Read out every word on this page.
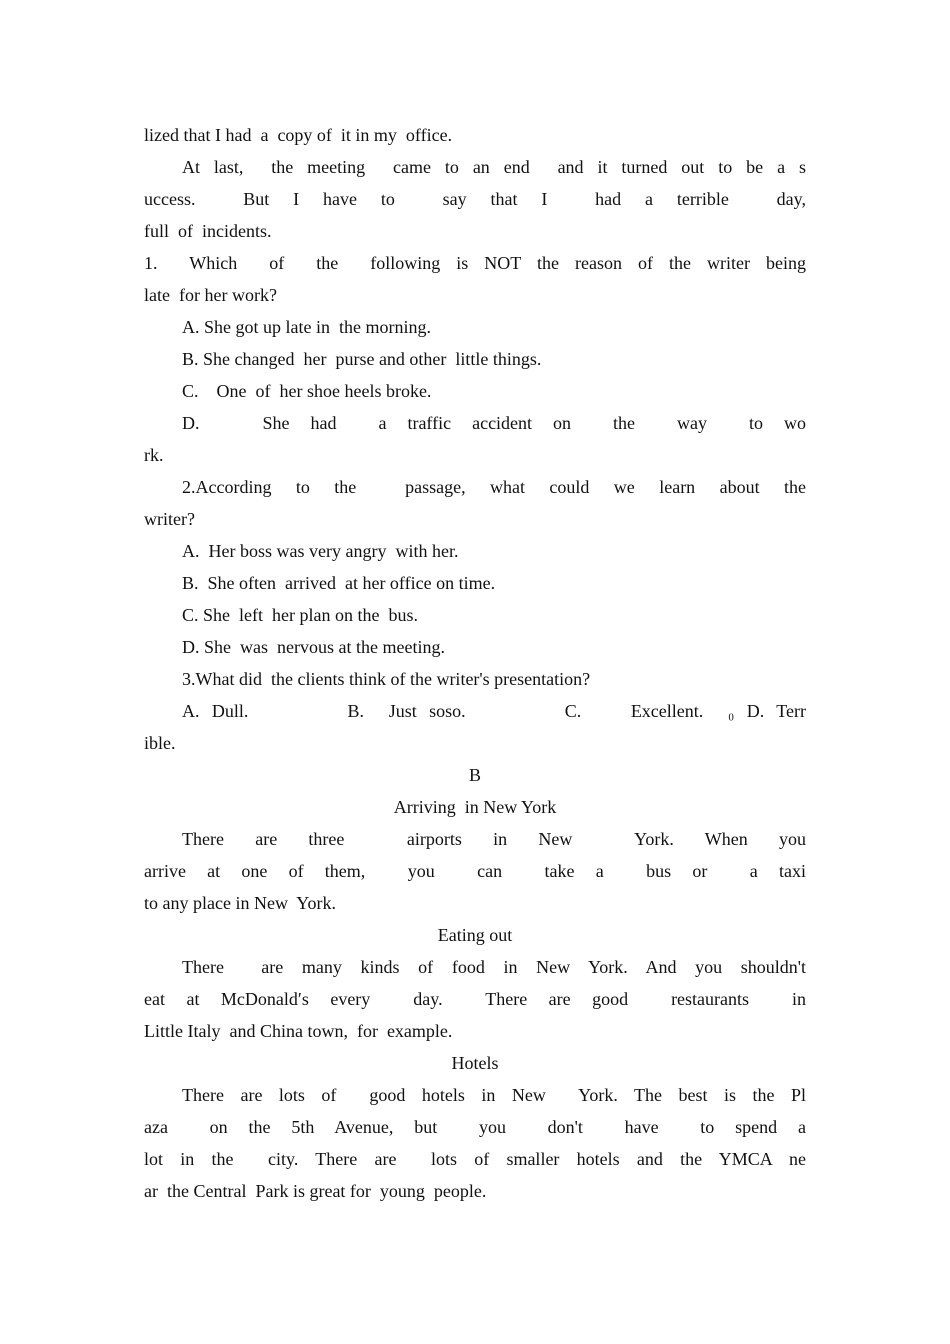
lized that I had  a  copy of  it in my  office.
At last,  the meeting  came to an end  and it turned out to be a s
uccess.  But I have to  say that I  had a terrible  day,
full  of  incidents.
1.  Which  of  the  following is NOT the reason of the writer being
late  for her work?
A. She got up late in  the morning.
B. She changed  her  purse and other  little things.
C.    One  of  her shoe heels broke.
D.   She had  a traffic accident on  the  way  to wo
rk.
2.According to the  passage, what could we learn about the
writer?
A.  Her boss was very angry  with her.
B.  She often  arrived  at her office on time.
C. She  left  her plan on the  bus.
D. She  was  nervous at the meeting.
3.What did  the clients think of the writer's presentation?
A. Dull.        B.  Just soso.        C.    Excellent.  ₀ D. Terr
ible.
B
Arriving  in New York
There are three  airports in New  York. When you
arrive at one of them,  you  can  take a  bus or  a taxi
to any place in New  York.
Eating out
There  are many kinds of food in New York. And you shouldn't
eat at McDonald′s every  day.  There are good  restaurants  in
Little Italy  and China town,  for  example.
Hotels
There are lots of  good hotels in New  York. The best is the Pl
aza  on the 5th Avenue, but  you  don't  have  to spend a
lot in the  city. There are  lots of smaller hotels and the YMCA ne
ar  the Central  Park is great for  young  people.
